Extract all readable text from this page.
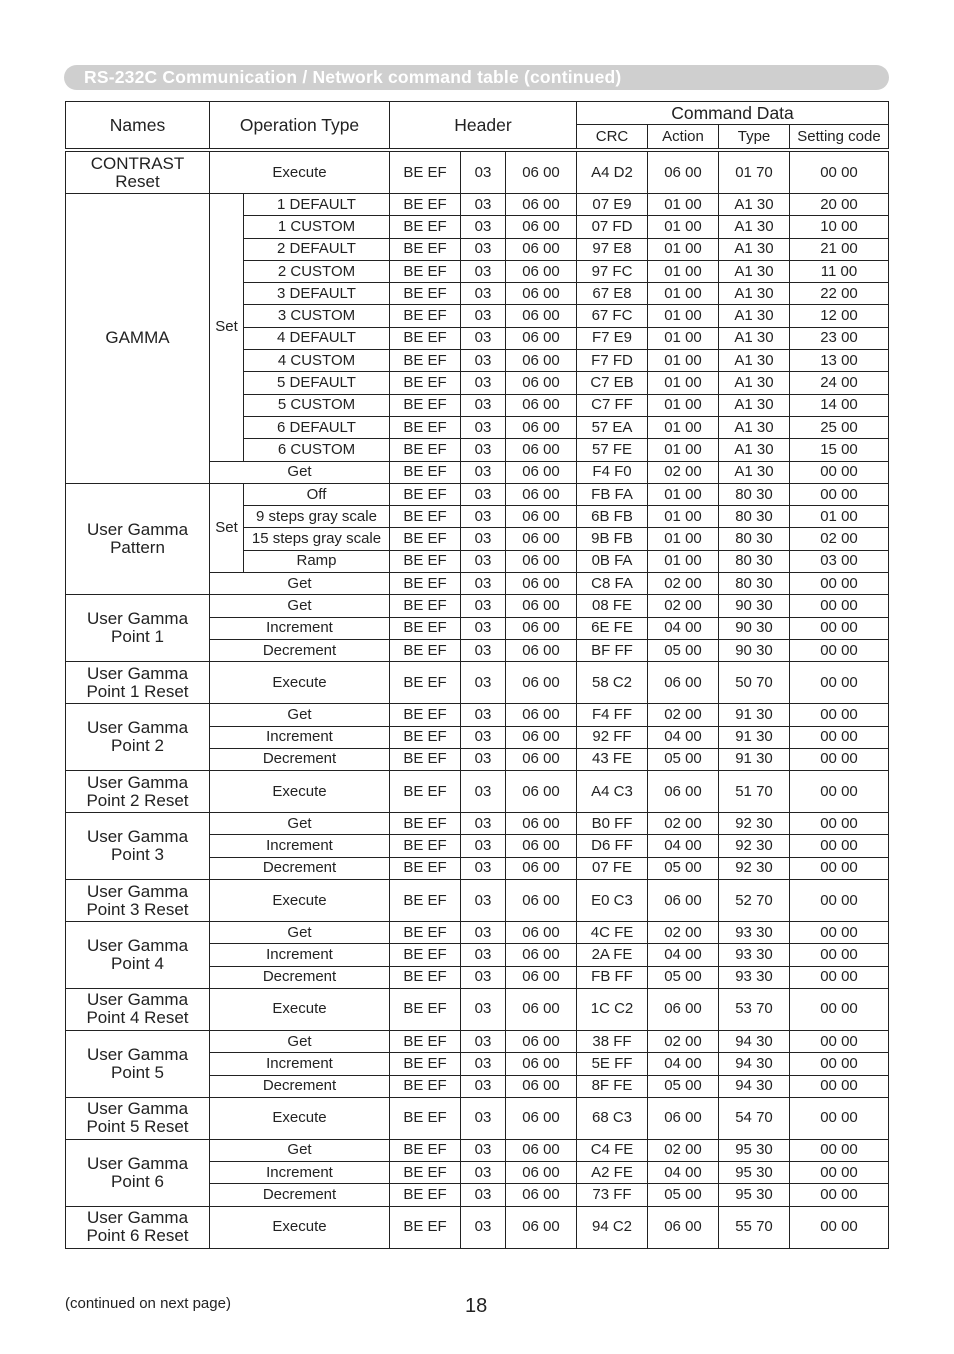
RS-232C Communication / Network command table (continued)
Names	Operation Type		Header			Command Data			
						CRC	Action	Type	Setting code

CONTRAST
Reset	Execute		BE EF	03	06 00	A4 D2	06 00	01 70	00 00
GAMMA	Set	1 DEFAULT	BE EF	03	06 00	07 E9	01 00	A1 30	20 00
		1 CUSTOM	BE EF	03	06 00	07 FD	01 00	A1 30	10 00
		2 DEFAULT	BE EF	03	06 00	97 E8	01 00	A1 30	21 00
		2 CUSTOM	BE EF	03	06 00	97 FC	01 00	A1 30	11 00
		3 DEFAULT	BE EF	03	06 00	67 E8	01 00	A1 30	22 00
		3 CUSTOM	BE EF	03	06 00	67 FC	01 00	A1 30	12 00
		4 DEFAULT	BE EF	03	06 00	F7 E9	01 00	A1 30	23 00
		4 CUSTOM	BE EF	03	06 00	F7 FD	01 00	A1 30	13 00
		5 DEFAULT	BE EF	03	06 00	C7 EB	01 00	A1 30	24 00
		5 CUSTOM	BE EF	03	06 00	C7 FF	01 00	A1 30	14 00
		6 DEFAULT	BE EF	03	06 00	57 EA	01 00	A1 30	25 00
		6 CUSTOM	BE EF	03	06 00	57 FE	01 00	A1 30	15 00
	Get		BE EF	03	06 00	F4 F0	02 00	A1 30	00 00
User Gamma
Pattern	Set	Off	BE EF	03	06 00	FB FA	01 00	80 30	00 00
		9 steps gray scale	BE EF	03	06 00	6B FB	01 00	80 30	01 00
		15 steps gray scale	BE EF	03	06 00	9B FB	01 00	80 30	02 00
		Ramp	BE EF	03	06 00	0B FA	01 00	80 30	03 00
	Get		BE EF	03	06 00	C8 FA	02 00	80 30	00 00
User Gamma
Point 1	Get		BE EF	03	06 00	08 FE	02 00	90 30	00 00
	Increment		BE EF	03	06 00	6E FE	04 00	90 30	00 00
	Decrement		BE EF	03	06 00	BF FF	05 00	90 30	00 00
User Gamma
Point 1 Reset	Execute		BE EF	03	06 00	58 C2	06 00	50 70	00 00
User Gamma
Point 2	Get		BE EF	03	06 00	F4 FF	02 00	91 30	00 00
	Increment		BE EF	03	06 00	92 FF	04 00	91 30	00 00
	Decrement		BE EF	03	06 00	43 FE	05 00	91 30	00 00
User Gamma
Point 2 Reset	Execute		BE EF	03	06 00	A4 C3	06 00	51 70	00 00
User Gamma
Point 3	Get		BE EF	03	06 00	B0 FF	02 00	92 30	00 00
	Increment		BE EF	03	06 00	D6 FF	04 00	92 30	00 00
	Decrement		BE EF	03	06 00	07 FE	05 00	92 30	00 00
User Gamma
Point 3 Reset	Execute		BE EF	03	06 00	E0 C3	06 00	52 70	00 00
User Gamma
Point 4	Get		BE EF	03	06 00	4C FE	02 00	93 30	00 00
	Increment		BE EF	03	06 00	2A FE	04 00	93 30	00 00
	Decrement		BE EF	03	06 00	FB FF	05 00	93 30	00 00
User Gamma
Point 4 Reset	Execute		BE EF	03	06 00	1C C2	06 00	53 70	00 00
User Gamma
Point 5	Get		BE EF	03	06 00	38 FF	02 00	94 30	00 00
	Increment		BE EF	03	06 00	5E FF	04 00	94 30	00 00
	Decrement		BE EF	03	06 00	8F FE	05 00	94 30	00 00
User Gamma
Point 5 Reset	Execute		BE EF	03	06 00	68 C3	06 00	54 70	00 00
User Gamma
Point 6	Get		BE EF	03	06 00	C4 FE	02 00	95 30	00 00
	Increment		BE EF	03	06 00	A2 FE	04 00	95 30	00 00
	Decrement		BE EF	03	06 00	73 FF	05 00	95 30	00 00
User Gamma
Point 6 Reset	Execute		BE EF	03	06 00	94 C2	06 00	55 70	00 00
(continued on next page)	18
